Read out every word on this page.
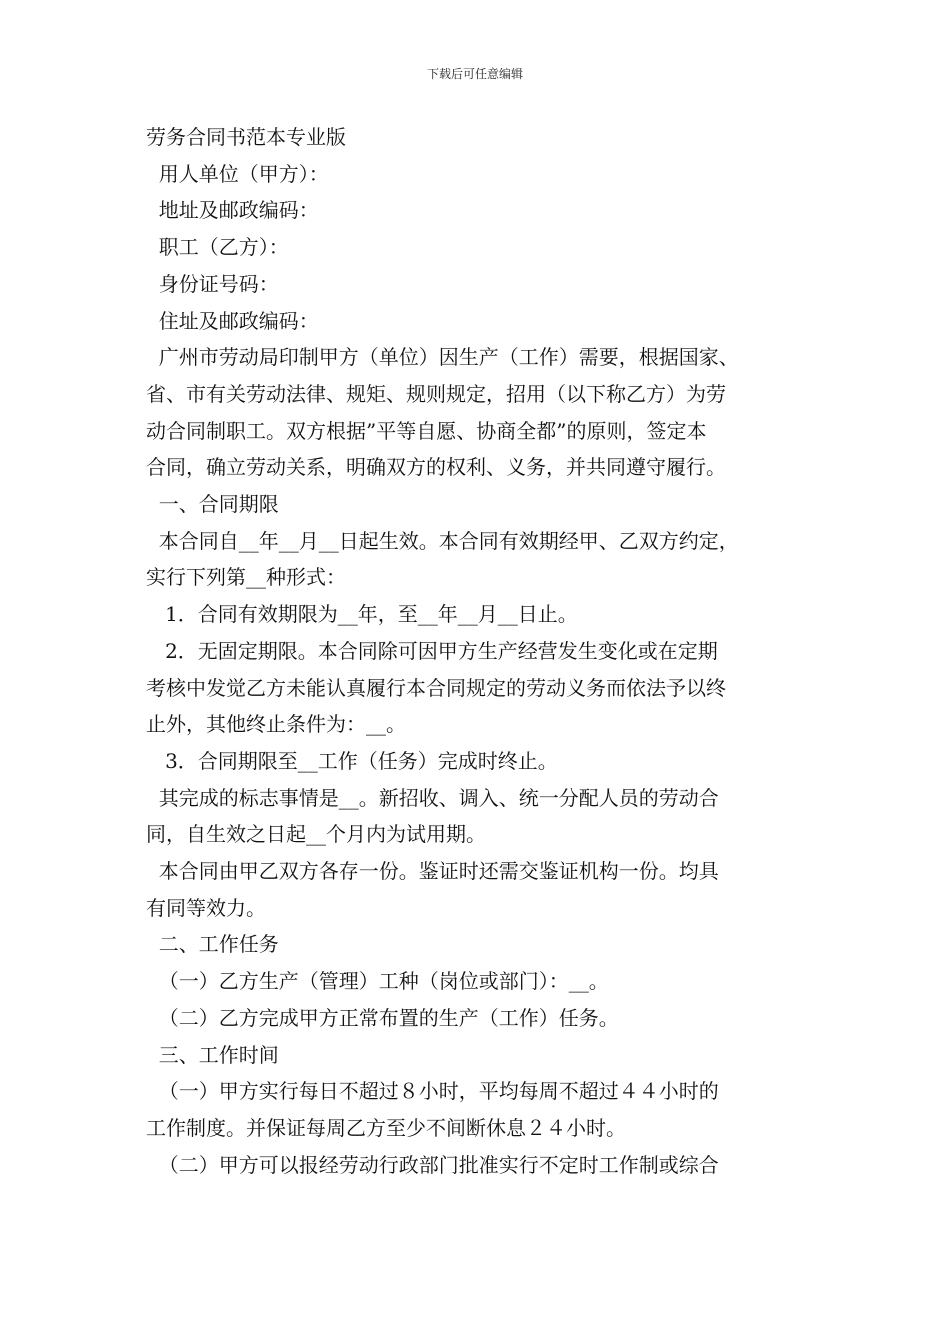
下载后可任意编辑
劳务合同书范本专业版
用人单位（甲方）：
地址及邮政编码：
职工（乙方）：
身份证号码：
住址及邮政编码：
广州市劳动局印制甲方（单位）因生产（工作）需要，根据国家、
省、市有关劳动法律、规矩、规则规定，招用（以下称乙方）为劳
动合同制职工。双方根据”平等自愿、协商全都”的原则，签定本
合同，确立劳动关系，明确双方的权利、义务，并共同遵守履行。
一、合同期限
本合同自__年__月__日起生效。本合同有效期经甲、乙双方约定，
实行下列第__种形式：
1．合同有效期限为__年，至__年__月__日止。
2．无固定期限。本合同除可因甲方生产经营发生变化或在定期
考核中发觉乙方未能认真履行本合同规定的劳动义务而依法予以终
止外，其他终止条件为：__。
3．合同期限至__工作（任务）完成时终止。
其完成的标志事情是__。新招收、调入、统一分配人员的劳动合
同，自生效之日起__个月内为试用期。
本合同由甲乙双方各存一份。鉴证时还需交鉴证机构一份。均具
有同等效力。
二、工作任务
（一）乙方生产（管理）工种（岗位或部门）：__。
（二）乙方完成甲方正常布置的生产（工作）任务。
三、工作时间
（一）甲方实行每日不超过８小时，平均每周不超过４４小时的
工作制度。并保证每周乙方至少不间断休息２４小时。
（二）甲方可以报经劳动行政部门批准实行不定时工作制或综合
